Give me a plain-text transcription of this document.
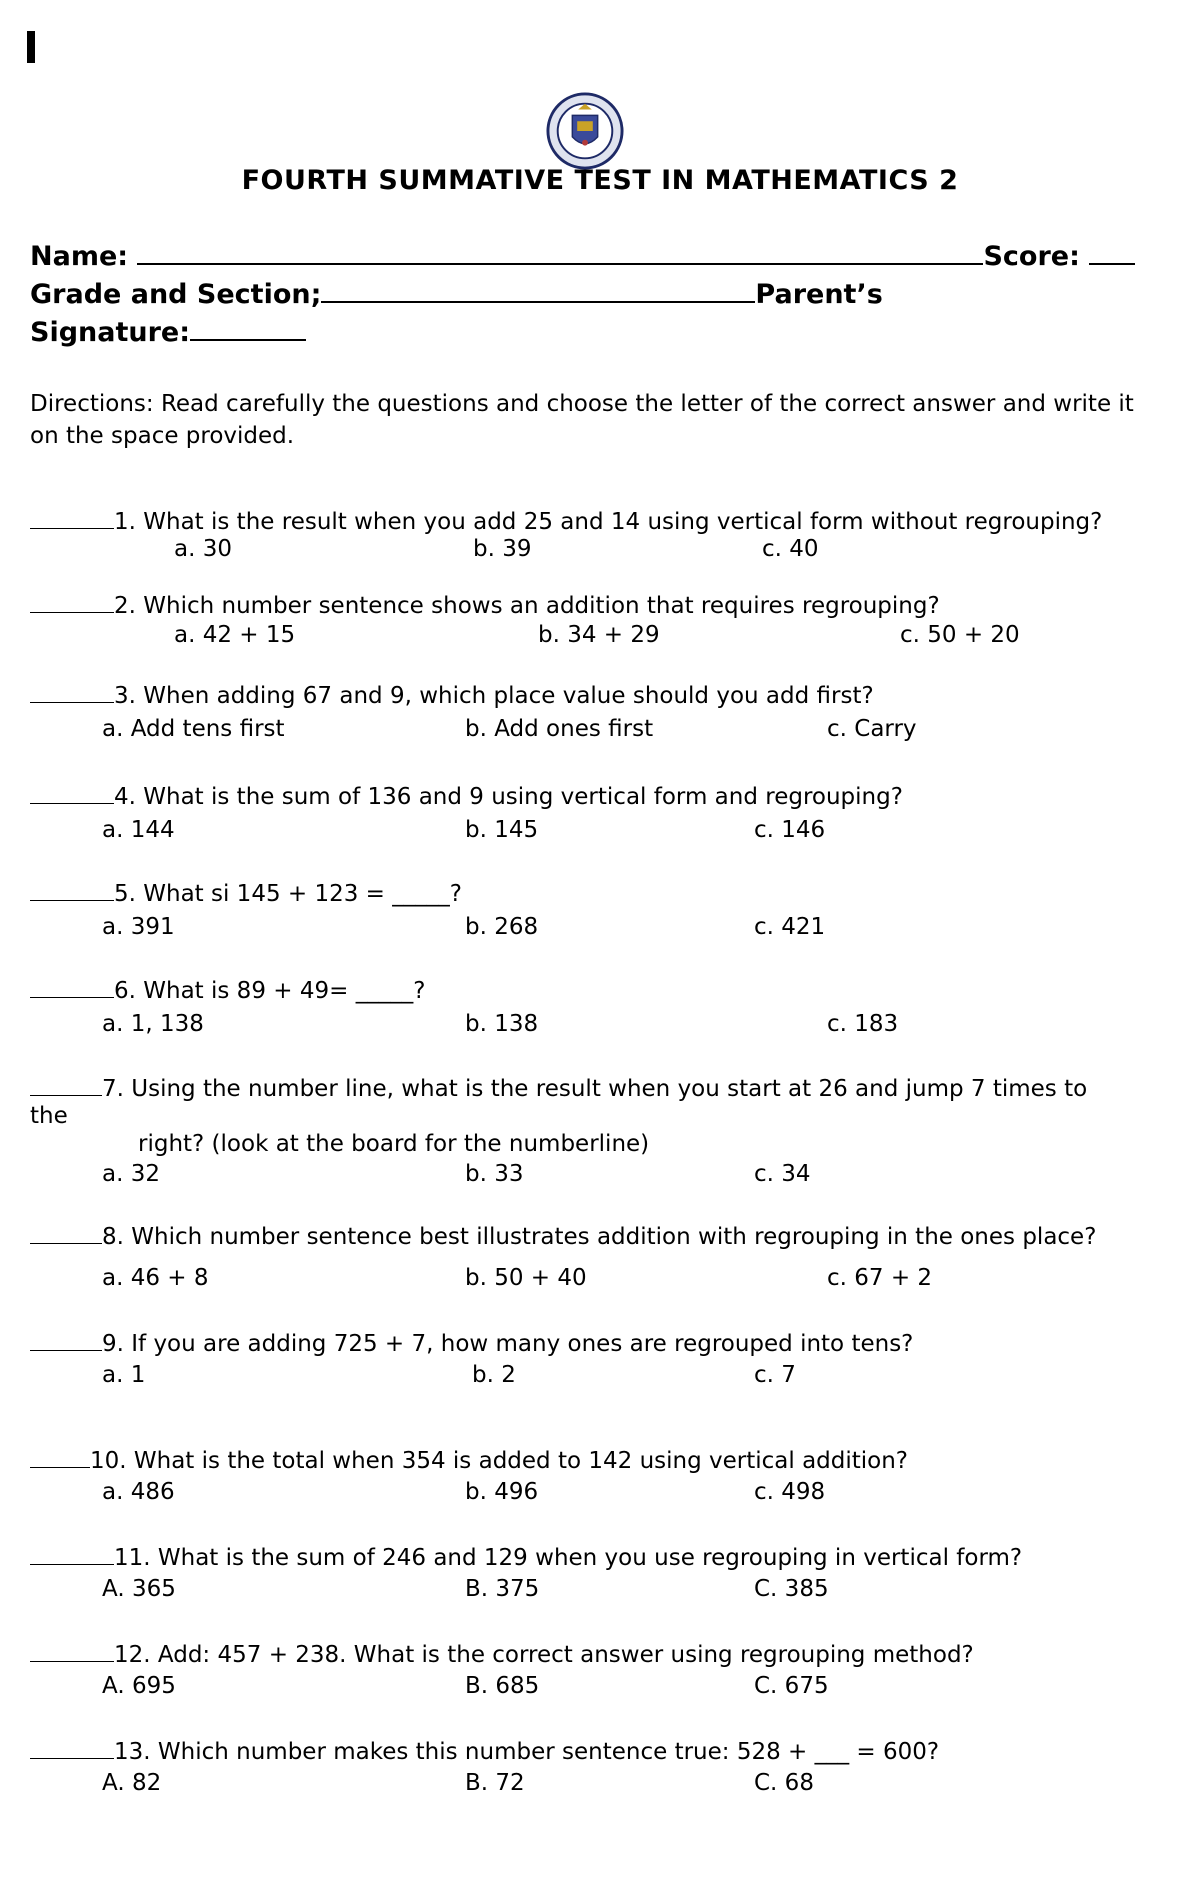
FOURTH SUMMATIVE TEST IN MATHEMATICS 2
Name:	Score:
Grade and Section;	Parent’s
Signature:
Directions: Read carefully the questions and choose the letter of the correct answer and write it on the space provided.
1. What is the result when you add 25 and 14 using vertical form without regrouping?
a. 30	b. 39	c. 40
2. Which number sentence shows an addition that requires regrouping?
a. 42 + 15	b. 34 + 29	c. 50 + 20
3. When adding 67 and 9, which place value should you add first?
a. Add tens first	b. Add ones first	c. Carry
4. What is the sum of 136 and 9 using vertical form and regrouping?
a. 144	b. 145	c. 146
5. What si 145 + 123 = _____?
a. 391	b. 268	c. 421
6. What is 89 + 49= _____?
a. 1, 138	b. 138	c. 183
7. Using the number line, what is the result when you start at 26 and jump 7 times to
the
right? (look at the board for the numberline)
a. 32	b. 33	c. 34
8. Which number sentence best illustrates addition with regrouping in the ones place?
a. 46 + 8	b. 50 + 40	c. 67 + 2
9. If you are adding 725 + 7, how many ones are regrouped into tens?
a. 1	b. 2	c. 7
10. What is the total when 354 is added to 142 using vertical addition?
a. 486	b. 496	c. 498
11. What is the sum of 246 and 129 when you use regrouping in vertical form?
A. 365	B. 375	C. 385
12. Add: 457 + 238. What is the correct answer using regrouping method?
A. 695	B. 685	C. 675
13. Which number makes this number sentence true: 528 + ___ = 600?
A. 82	B. 72	C. 68
